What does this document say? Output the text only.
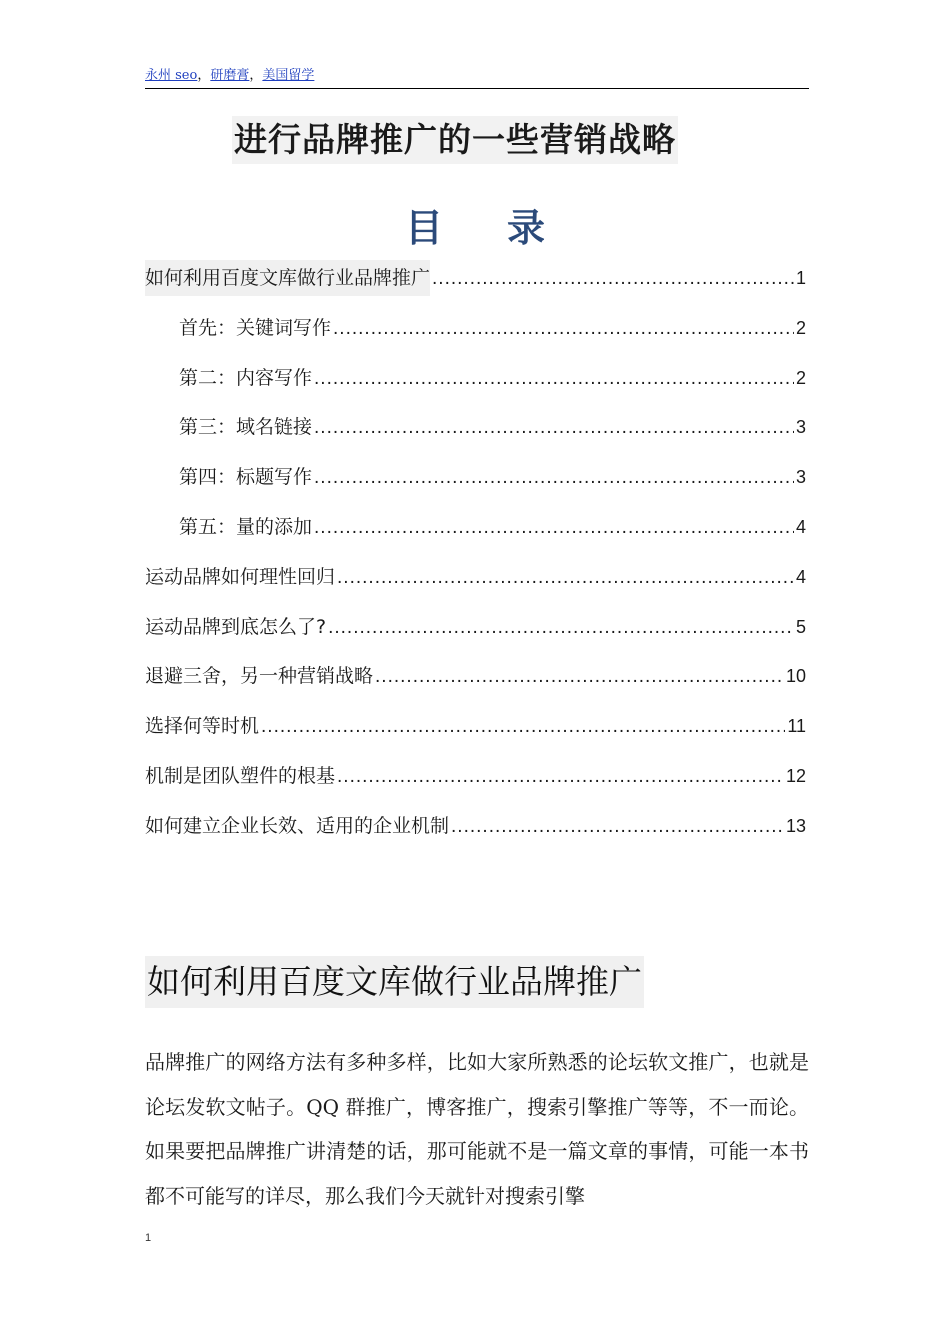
永州 seo，研磨膏，美国留学
进行品牌推广的一些营销战略
目 录
如何利用百度文库做行业品牌推广 .....	1
首先：关键词写作 .....	2
第二：内容写作 .....	2
第三：域名链接 .....	3
第四：标题写作 .....	3
第五：量的添加 .....	4
运动品牌如何理性回归 .....	4
运动品牌到底怎么了? .....	5
退避三舍，另一种营销战略 .....	10
选择何等时机 .....	11
机制是团队塑件的根基 .....	12
如何建立企业长效、适用的企业机制 .....	13
如何利用百度文库做行业品牌推广
品牌推广的网络方法有多种多样，比如大家所熟悉的论坛软文推广，也就是论坛发软文帖子。QQ 群推广，博客推广，搜索引擎推广等等，不一而论。如果要把品牌推广讲清楚的话，那可能就不是一篇文章的事情，可能一本书都不可能写的详尽，那么我们今天就针对搜索引擎
1
